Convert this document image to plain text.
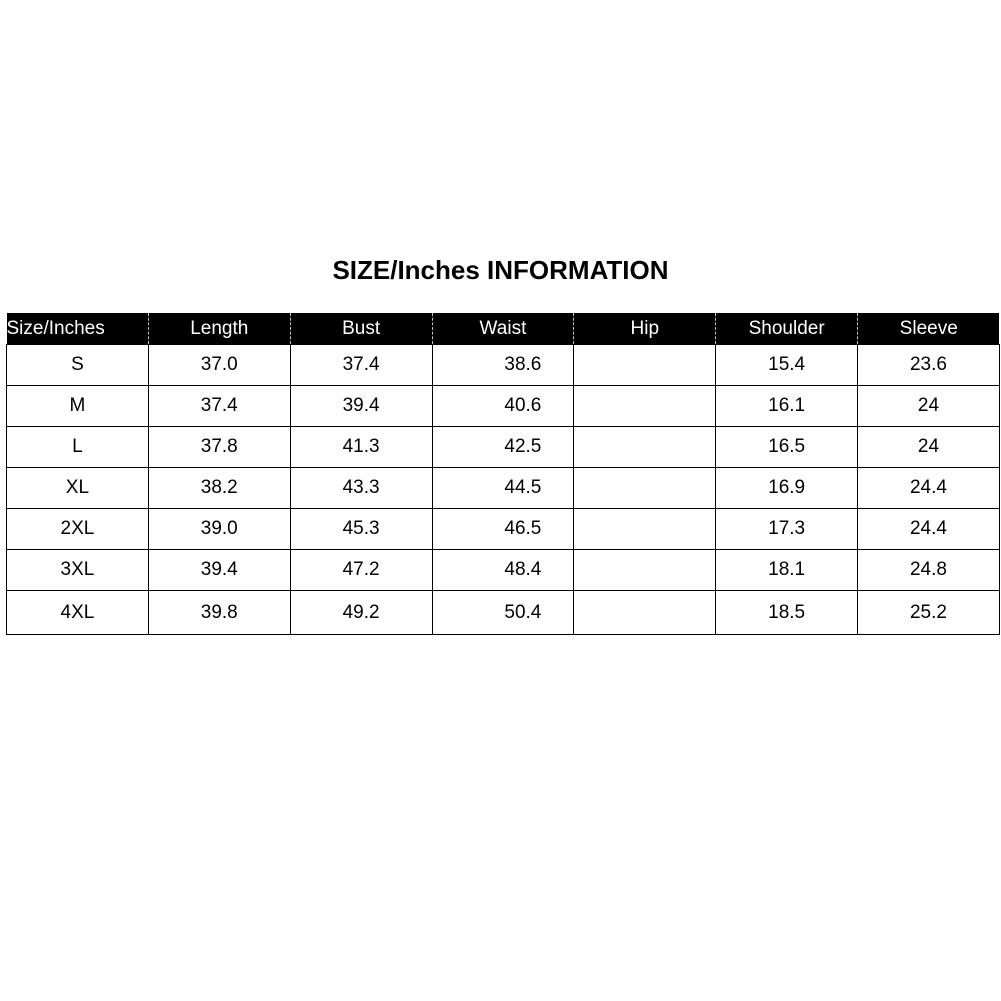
SIZE/Inches INFORMATION
Size/Inches	Length	Bust	Waist	Hip	Shoulder	Sleeve
S	37.0	37.4	38.6		15.4	23.6
M	37.4	39.4	40.6		16.1	24
L	37.8	41.3	42.5		16.5	24
XL	38.2	43.3	44.5		16.9	24.4
2XL	39.0	45.3	46.5		17.3	24.4
3XL	39.4	47.2	48.4		18.1	24.8
4XL	39.8	49.2	50.4		18.5	25.2
